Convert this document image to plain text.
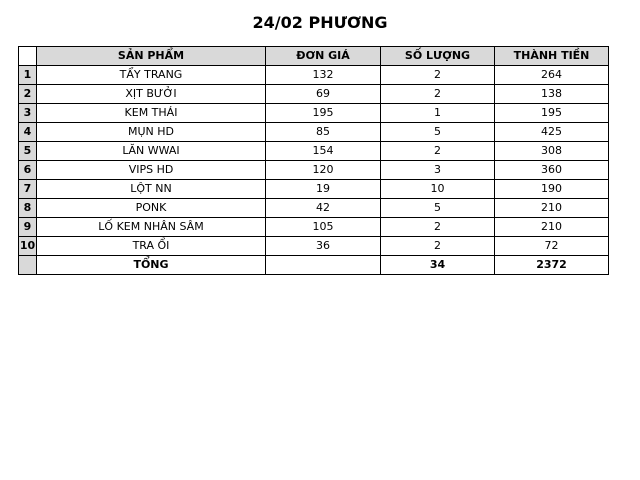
24/02 PHƯƠNG
	SẢN PHẨM	ĐƠN GIÁ	SỐ LƯỢNG	THÀNH TIỀN
1	TẨY TRANG	132	2	264
2	XỊT BƯỞI	69	2	138
3	KEM THÁI	195	1	195
4	MỤN HD	85	5	425
5	LĂN WWAI	154	2	308
6	VIPS HD	120	3	360
7	LỘT NN	19	10	190
8	PONK	42	5	210
9	LỐ KEM NHÂN SÂM	105	2	210
10	TRA ỔI	36	2	72
	TỔNG		34	2372
